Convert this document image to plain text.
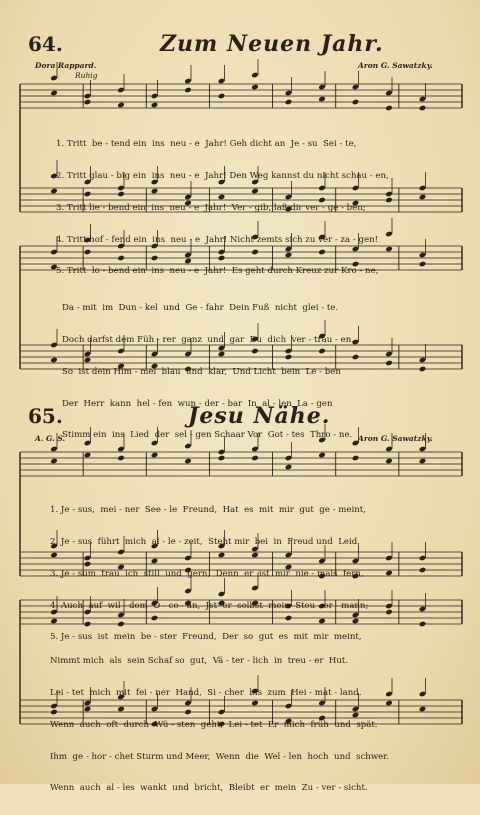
64.	Zum Neuen Jahr.
Dora Rappard.	Aron G. Sawatzky.
Ruhig

1. Tritt  be - tend ein  ins  neu - e  Jahr! Geh dicht an  Je - su  Sei - te,

2. Tritt glau - big ein  ins  neu - e  Jahr! Den Weg kannst du nicht schau - en,

3. Tritt lie - bend ein  ins  neu - e  Jahr!  Ver - gib, laß dir ver - ge - ben;

4. Tritt hof - fend ein  ins  neu - e  Jahr! Nicht zemts sich zu ver - za - gen!

5. Tritt  lo - bend ein  ins  neu - e  Jahr!  Es geht durch Kreuz zur Kro - ne;

Da - mit  im  Dun - kel  und  Ge - fahr  Dein Fuß  nicht  glei - te.

Doch darfst dem Füh - rer  ganz  und  gar  Du  dich  ver - trau - en.

So  ist dein Him - mel  blau  und  klar,  Und Licht  bein  Le - ben

Der  Herr  kann  hel - fen  wun - der - bar  In  al - len  La - gen

Stimm ein  ins  Lied  der  sel - gen Schaar Vor  Got - tes  Thro - ne.

65.	Jesu Nähe.
A. G. S.	Aron G. Sawatzky.

1. Je - sus,  mei - ner  See - le  Freund,  Hat  es  mit  mir  gut  ge - meint,

2. Je - sus  führt  mich  al - le - zeit,  Steht mir  bei  in  Freud und  Leid,

3. Je - sum  trau  ich  still  und  gern,  Denn  er  ist  mir  nie - mals  fern,

4. Auch  auf  wil - dem  O - ce - an,  Jst  er  selbst  mein  Steu - er - mann;

5. Je - sus  ist  mein  be - ster  Freund,  Der  so  gut  es  mit  mir  meint,

Nimmt mich  als  sein Schaf so  gut,  Vä - ter - lich  in  treu - er  Hut.

Lei - tet  mich  mit  fei - ner  Hand,  Si - cher  bis  zum  Hei - mat - land.

Wenn  auch  oft  durch  Wü - sten  geht,  Lei - tet  Er  mich  früh  und  spät.

Ihm  ge - hor - chet Sturm und Meer,  Wenn  die  Wel - len  hoch  und  schwer.

Wenn  auch  al - les  wankt  und  bricht,  Bleibt  er  mein  Zu - ver - sicht.
